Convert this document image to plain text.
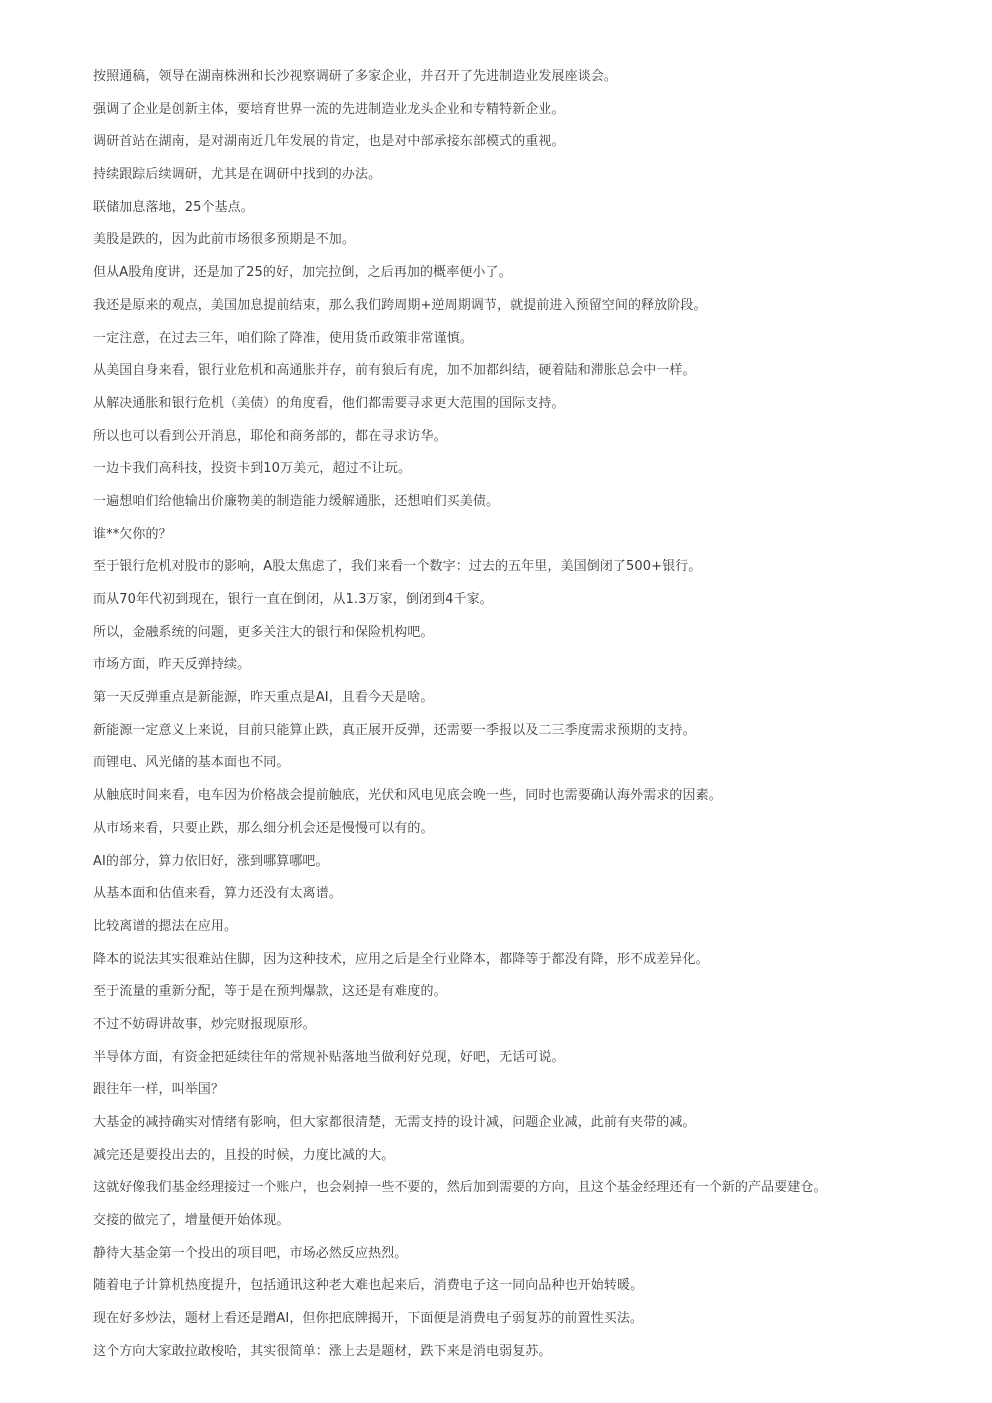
按照通稿，领导在湖南株洲和长沙视察调研了多家企业，并召开了先进制造业发展座谈会。
强调了企业是创新主体，要培育世界一流的先进制造业龙头企业和专精特新企业。
调研首站在湖南，是对湖南近几年发展的肯定，也是对中部承接东部模式的重视。
持续跟踪后续调研，尤其是在调研中找到的办法。
联储加息落地，25个基点。
美股是跌的，因为此前市场很多预期是不加。
但从A股角度讲，还是加了25的好，加完拉倒，之后再加的概率便小了。
我还是原来的观点，美国加息提前结束，那么我们跨周期+逆周期调节，就提前进入预留空间的释放阶段。
一定注意，在过去三年，咱们除了降准，使用货币政策非常谨慎。
从美国自身来看，银行业危机和高通胀并存，前有狼后有虎，加不加都纠结，硬着陆和滞胀总会中一样。
从解决通胀和银行危机（美债）的角度看，他们都需要寻求更大范围的国际支持。
所以也可以看到公开消息，耶伦和商务部的，都在寻求访华。
一边卡我们高科技，投资卡到10万美元，超过不让玩。
一遍想咱们给他输出价廉物美的制造能力缓解通胀，还想咱们买美债。
谁**欠你的？
至于银行危机对股市的影响，A股太焦虑了，我们来看一个数字：过去的五年里，美国倒闭了500+银行。
而从70年代初到现在，银行一直在倒闭，从1.3万家，倒闭到4千家。
所以，金融系统的问题，更多关注大的银行和保险机构吧。
市场方面，昨天反弹持续。
第一天反弹重点是新能源，昨天重点是AI，且看今天是啥。
新能源一定意义上来说，目前只能算止跌，真正展开反弹，还需要一季报以及二三季度需求预期的支持。
而锂电、风光储的基本面也不同。
从触底时间来看，电车因为价格战会提前触底，光伏和风电见底会晚一些，同时也需要确认海外需求的因素。
从市场来看，只要止跌，那么细分机会还是慢慢可以有的。
AI的部分，算力依旧好，涨到哪算哪吧。
从基本面和估值来看，算力还没有太离谱。
比较离谱的摁法在应用。
降本的说法其实很难站住脚，因为这种技术，应用之后是全行业降本，都降等于都没有降，形不成差异化。
至于流量的重新分配，等于是在预判爆款，这还是有难度的。
不过不妨碍讲故事，炒完财报现原形。
半导体方面，有资金把延续往年的常规补贴落地当做利好兑现，好吧，无话可说。
跟往年一样，叫举国？
大基金的减持确实对情绪有影响，但大家都很清楚，无需支持的设计减，问题企业减，此前有夹带的减。
减完还是要投出去的，且投的时候，力度比减的大。
这就好像我们基金经理接过一个账户，也会剁掉一些不要的，然后加到需要的方向，且这个基金经理还有一个新的产品要建仓。
交接的做完了，增量便开始体现。
静待大基金第一个投出的项目吧，市场必然反应热烈。
随着电子计算机热度提升，包括通讯这种老大难也起来后，消费电子这一同向品种也开始转暖。
现在好多炒法，题材上看还是蹭AI，但你把底牌揭开，下面便是消费电子弱复苏的前置性买法。
这个方向大家敢拉敢梭哈，其实很简单：涨上去是题材，跌下来是消电弱复苏。
